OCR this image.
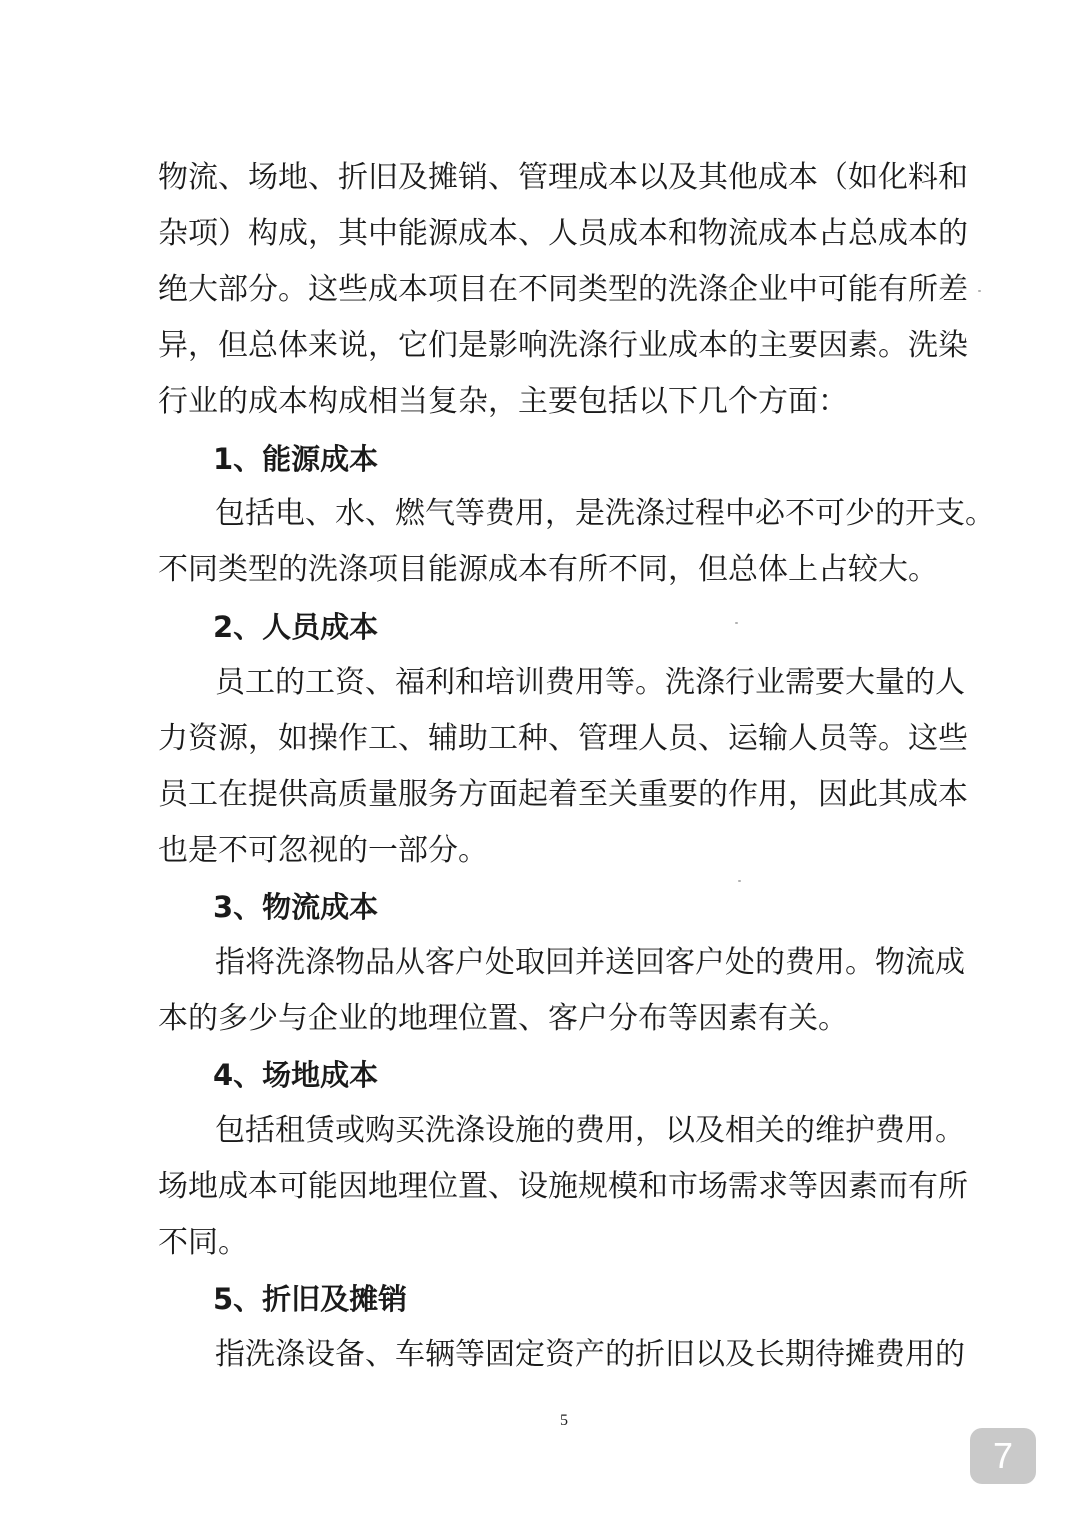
物流、场地、折旧及摊销、管理成本以及其他成本（如化料和
杂项）构成，其中能源成本、人员成本和物流成本占总成本的
绝大部分。这些成本项目在不同类型的洗涤企业中可能有所差
异，但总体来说，它们是影响洗涤行业成本的主要因素。洗染
行业的成本构成相当复杂，主要包括以下几个方面：
1、能源成本
包括电、水、燃气等费用，是洗涤过程中必不可少的开支。
不同类型的洗涤项目能源成本有所不同，但总体上占较大。
2、人员成本
员工的工资、福利和培训费用等。洗涤行业需要大量的人
力资源，如操作工、辅助工种、管理人员、运输人员等。这些
员工在提供高质量服务方面起着至关重要的作用，因此其成本
也是不可忽视的一部分。
3、物流成本
指将洗涤物品从客户处取回并送回客户处的费用。物流成
本的多少与企业的地理位置、客户分布等因素有关。
4、场地成本
包括租赁或购买洗涤设施的费用，以及相关的维护费用。
场地成本可能因地理位置、设施规模和市场需求等因素而有所
不同。
5、折旧及摊销
指洗涤设备、车辆等固定资产的折旧以及长期待摊费用的
5
7
